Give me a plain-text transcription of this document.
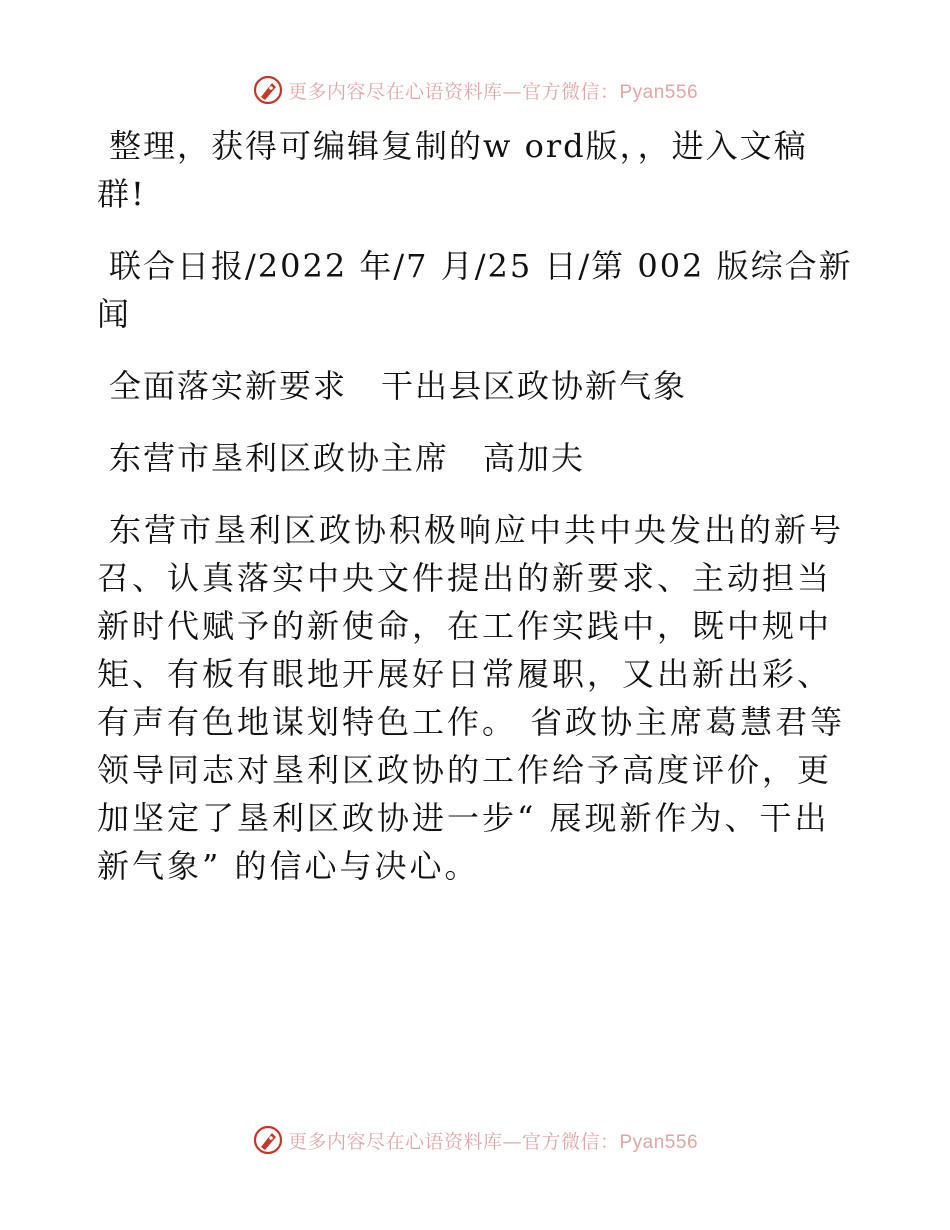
更多内容尽在心语资料库—官方微信：Pyan556

整理，获得可编辑复制的w ord版，，进入文稿群!

联合日报/2022 年/7 月/25 日/第 002 版综合新闻

全面落实新要求　干出县区政协新气象

东营市垦利区政协主席　高加夫

东营市垦利区政协积极响应中共中央发出的新号召、认真落实中央文件提出的新要求、主动担当新时代赋予的新使命，在工作实践中，既中规中矩、有板有眼地开展好日常履职，又出新出彩、 有声有色地谋划特色工作。 省政协主席葛慧君等领导同志对垦利区政协的工作给予高度评价，更加坚定了垦利区政协进一步“ 展现新作为、干出新气象” 的信心与决心。

更多内容尽在心语资料库—官方微信：Pyan556
